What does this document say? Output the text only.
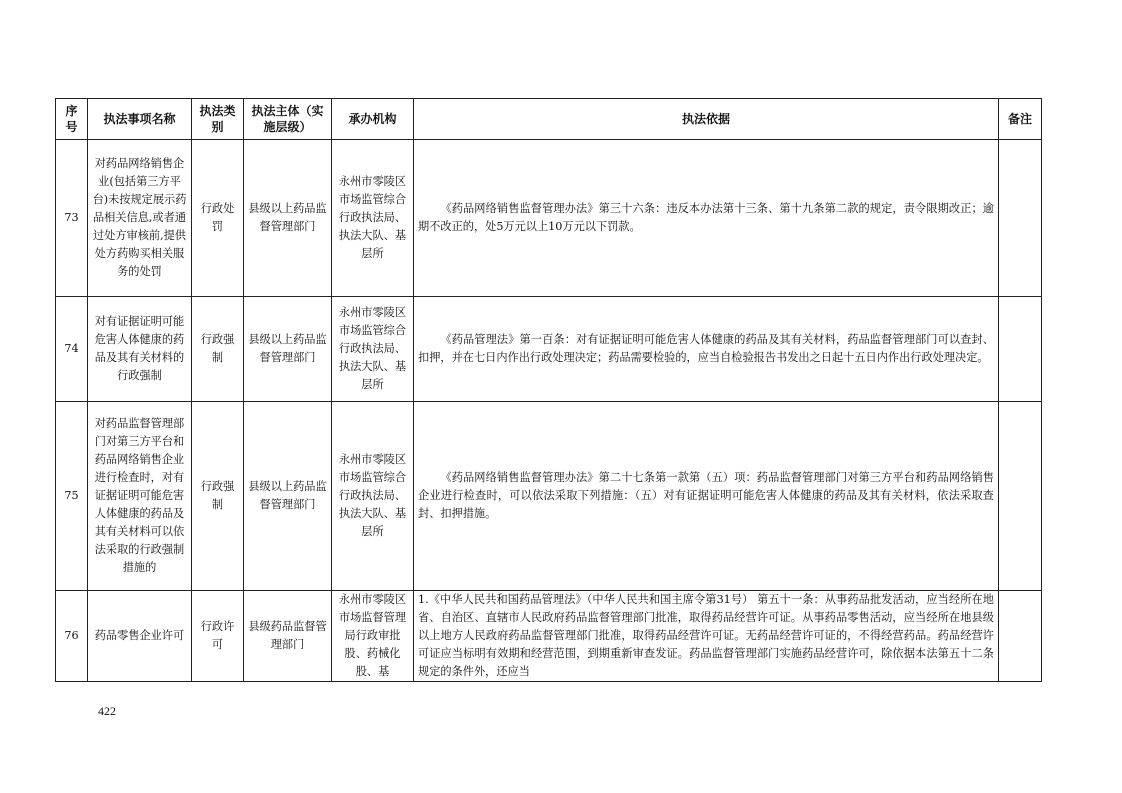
序号	执法事项名称	执法类别	执法主体（实施层级）	承办机构	执法依据	备注
73	对药品网络销售企业(包括第三方平台)未按规定展示药品相关信息,或者通过处方审核前,提供处方药购买相关服务的处罚	行政处罚	县级以上药品监督管理部门	永州市零陵区市场监管综合行政执法局、执法大队、基层所	《药品网络销售监督管理办法》第三十六条：违反本办法第十三条、第十九条第二款的规定，责令限期改正；逾期不改正的，处5万元以上10万元以下罚款。	

74	对有证据证明可能危害人体健康的药品及其有关材料的行政强制	行政强制	县级以上药品监督管理部门	永州市零陵区市场监管综合行政执法局、执法大队、基层所	《药品管理法》第一百条：对有证据证明可能危害人体健康的药品及其有关材料，药品监督管理部门可以查封、扣押，并在七日内作出行政处理决定；药品需要检验的，应当自检验报告书发出之日起十五日内作出行政处理决定。	

75	对药品监督管理部门对第三方平台和药品网络销售企业进行检查时，对有证据证明可能危害人体健康的药品及其有关材料可以依法采取的行政强制措施的	行政强制	县级以上药品监督管理部门	永州市零陵区市场监管综合行政执法局、执法大队、基层所	《药品网络销售监督管理办法》第二十七条第一款第（五）项：药品监督管理部门对第三方平台和药品网络销售企业进行检查时，可以依法采取下列措施：（五）对有证据证明可能危害人体健康的药品及其有关材料，依法采取查封、扣押措施。	

76	药品零售企业许可	行政许可	县级药品监督管理部门	永州市零陵区市场监督管理局行政审批股、药械化股、基	1.《中华人民共和国药品管理法》（中华人民共和国主席令第31号） 第五十一条：从事药品批发活动，应当经所在地省、自治区、直辖市人民政府药品监督管理部门批准，取得药品经营许可证。从事药品零售活动，应当经所在地县级以上地方人民政府药品监督管理部门批准，取得药品经营许可证。无药品经营许可证的，不得经营药品。药品经营许可证应当标明有效期和经营范围，到期重新审查发证。药品监督管理部门实施药品经营许可，除依据本法第五十二条规定的条件外，还应当	

422
